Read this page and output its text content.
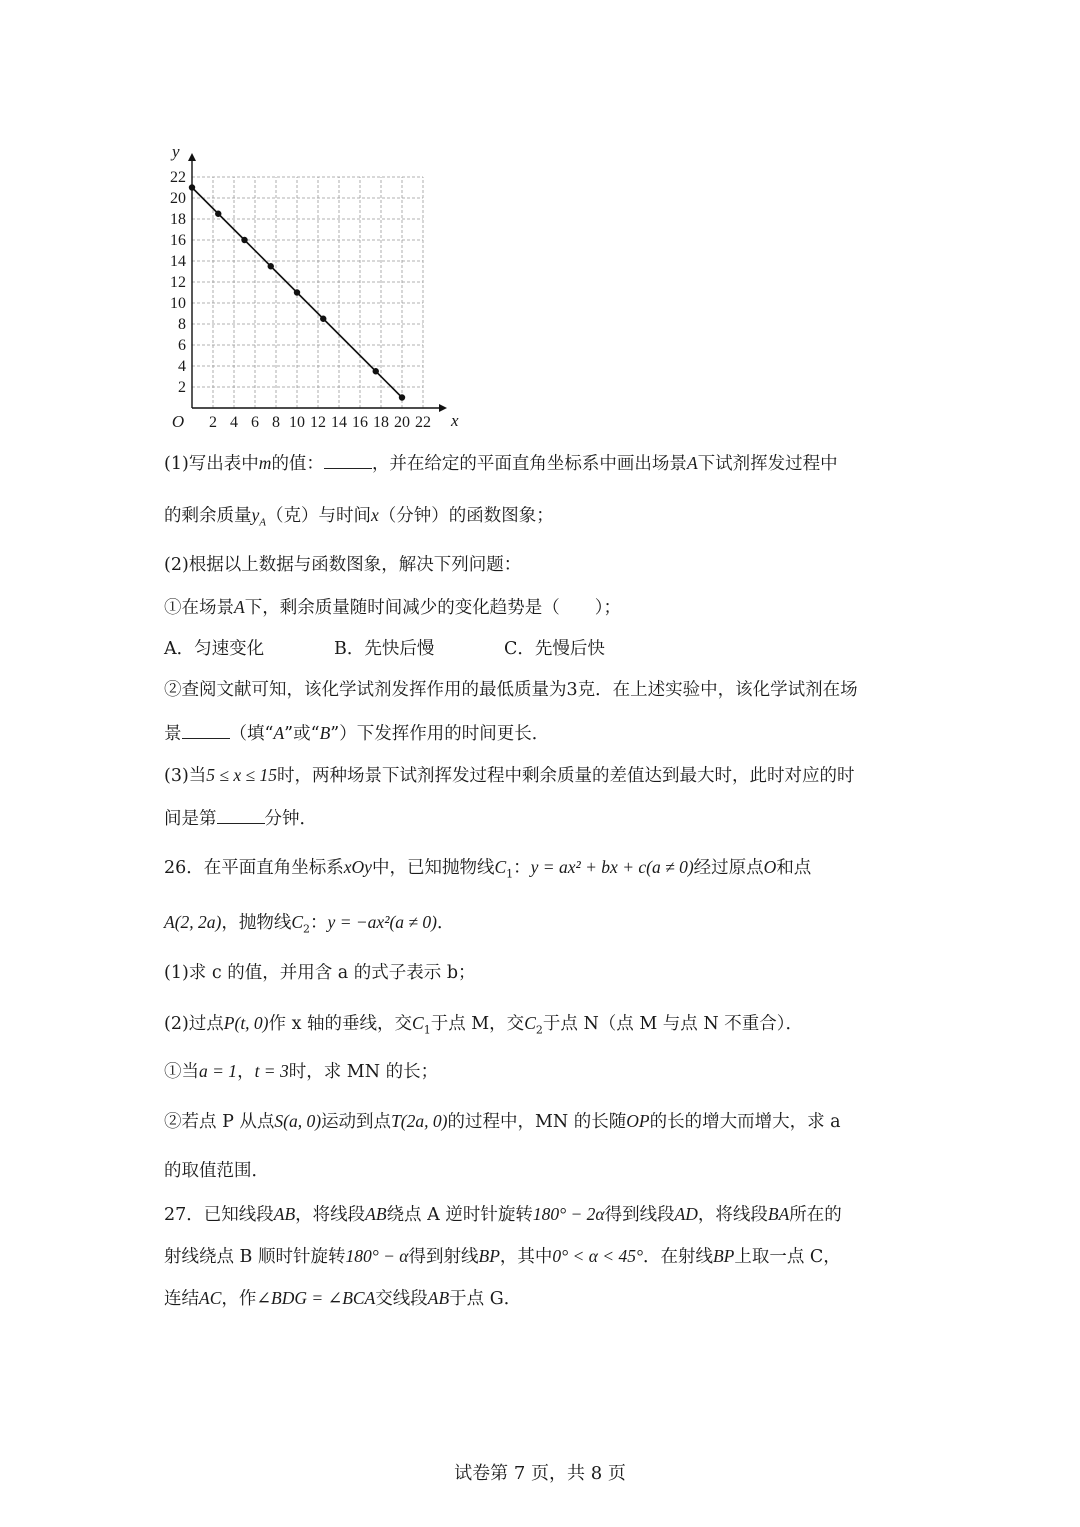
2 4 6 8 10 12 14 16 18 20 22
2
4
6
8
10
12
14
16
18
20
22
O	x
y
(1)写出表中m的值：	，并在给定的平面直角坐标系中画出场景A下试剂挥发过程中
的剩余质量$y_A$（克）与时间x（分钟）的函数图象；
(2)根据以上数据与函数图象，解决下列问题：
①在场景A下，剩余质量随时间减少的变化趋势是（　　）；
A．匀速变化	B．先快后慢	C．先慢后快
②查阅文献可知，该化学试剂发挥作用的最低质量为3克．在上述实验中，该化学试剂在场
景	（填“A”或“B”）下发挥作用的时间更长．
(3)当5 ≤ x ≤ 15时，两种场景下试剂挥发过程中剩余质量的差值达到最大时，此时对应的时
间是第	分钟．
26．在平面直角坐标系xOy中，已知抛物线$C_1$：y = ax² + bx + c(a ≠ 0)经过原点O和点
A(2, 2a)，抛物线$C_2$：y = −ax²(a ≠ 0)．
(1)求 c 的值，并用含 a 的式子表示 b；
(2)过点P(t, 0)作 x 轴的垂线，交$C_1$于点 M，交$C_2$于点 N（点 M 与点 N 不重合）．
①当a = 1，t = 3时，求 MN 的长；
②若点 P 从点S(a, 0)运动到点T(2a, 0)的过程中，MN 的长随OP的长的增大而增大，求 a
的取值范围．
27．已知线段AB，将线段AB绕点 A 逆时针旋转180° − 2α得到线段AD，将线段BA所在的
射线绕点 B 顺时针旋转180° − α得到射线BP，其中0° < α < 45°．在射线BP上取一点 C，
连结AC，作∠BDG = ∠BCA交线段AB于点 G．
试卷第 7 页，共 8 页
